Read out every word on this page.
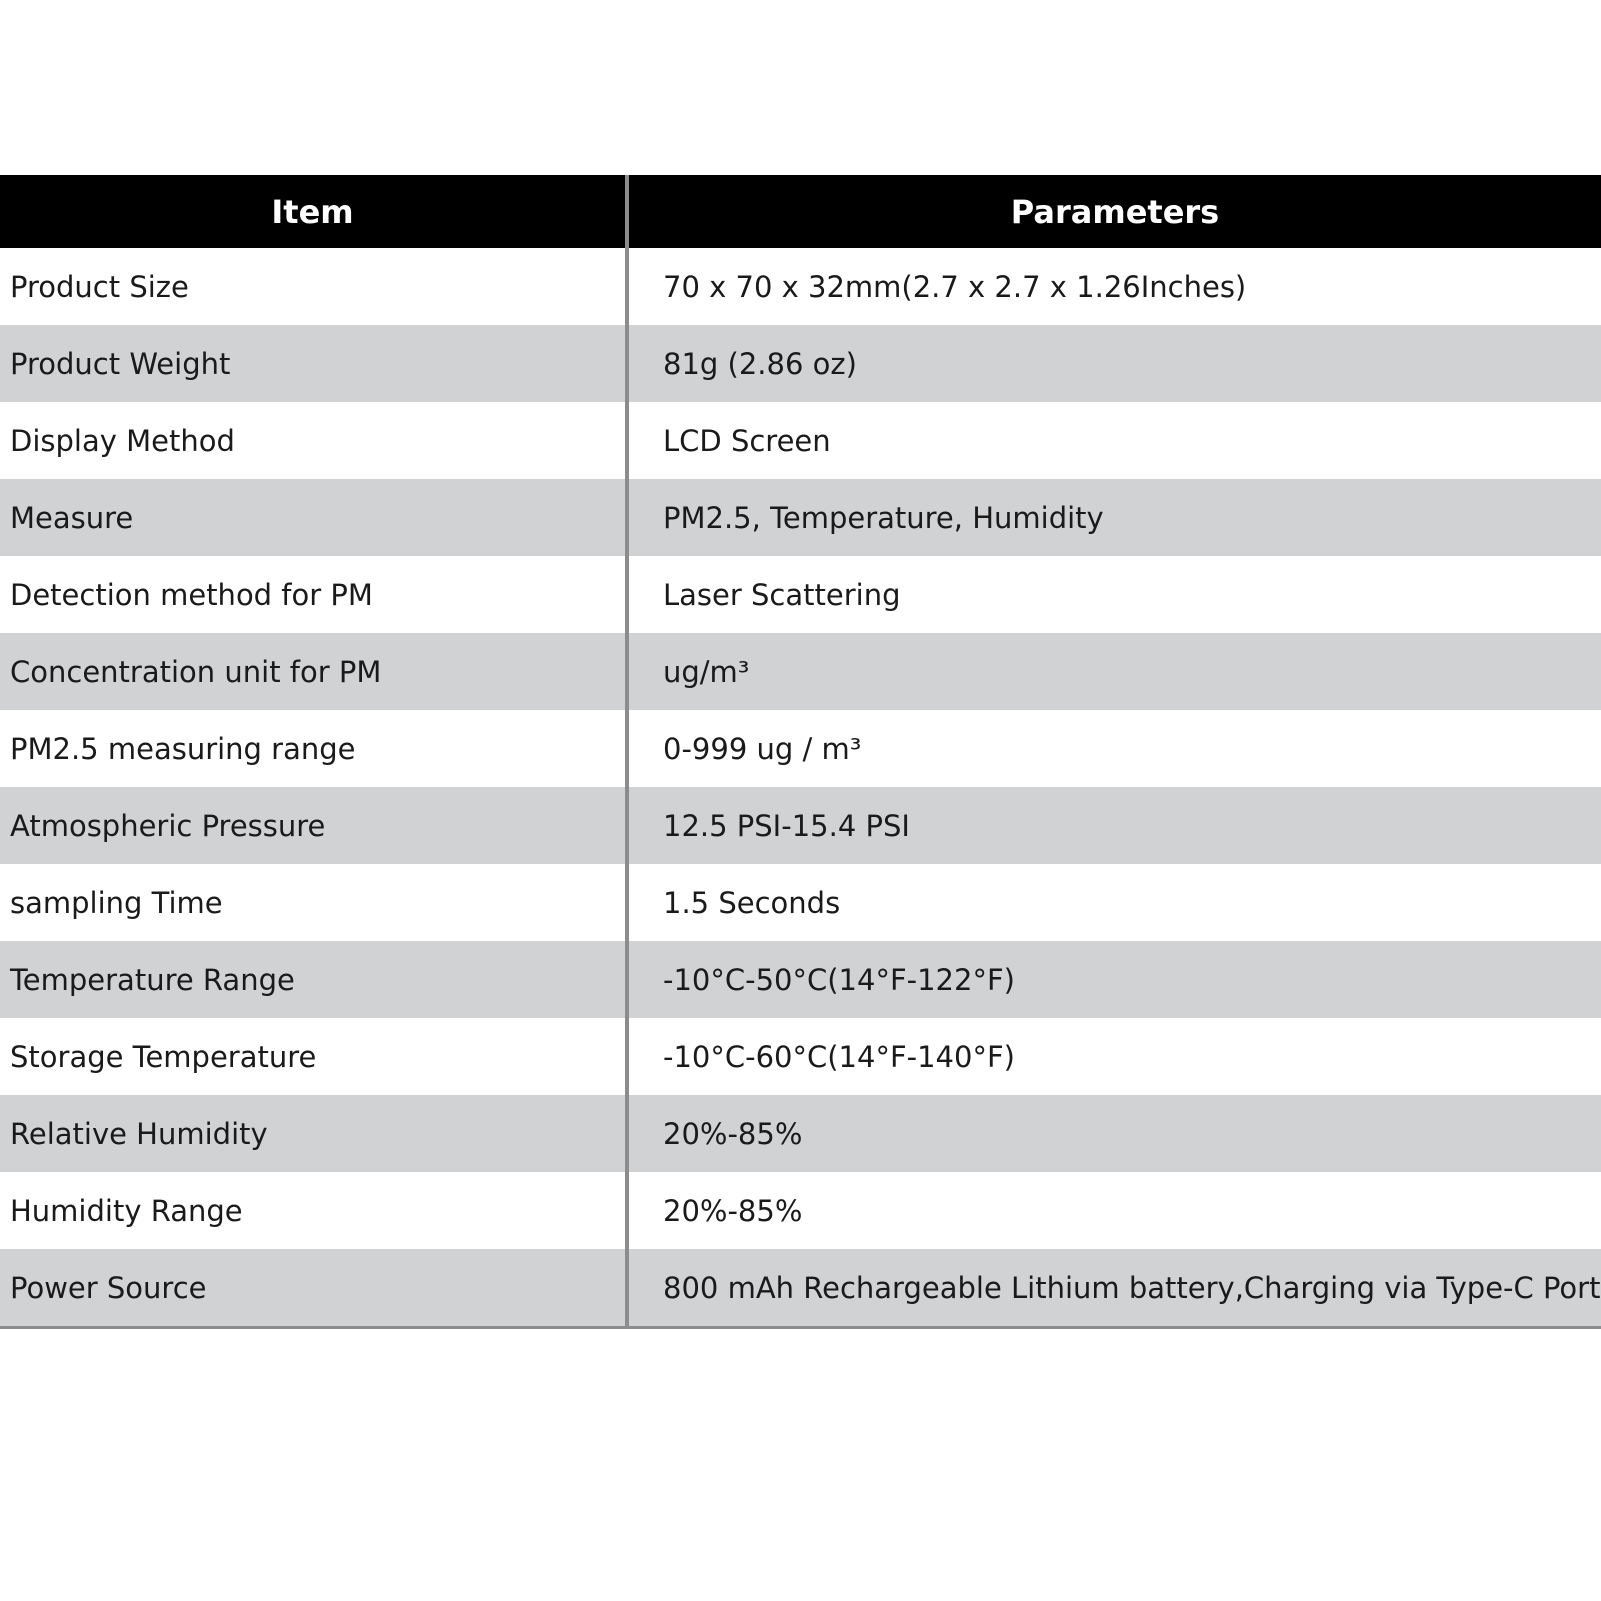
Item	Parameters
Product Size	70 x 70 x 32mm(2.7 x 2.7 x 1.26Inches)
Product Weight	81g (2.86 oz)
Display Method	LCD Screen
Measure	PM2.5, Temperature, Humidity
Detection method for PM	Laser Scattering
Concentration unit for PM	ug/m³
PM2.5 measuring range	0-999 ug / m³
Atmospheric Pressure	12.5 PSI-15.4 PSI
sampling Time	1.5 Seconds
Temperature Range	-10°C-50°C(14°F-122°F)
Storage Temperature	-10°C-60°C(14°F-140°F)
Relative Humidity	20%-85%
Humidity Range	20%-85%
Power Source	800 mAh Rechargeable Lithium battery,Charging via Type-C Port
